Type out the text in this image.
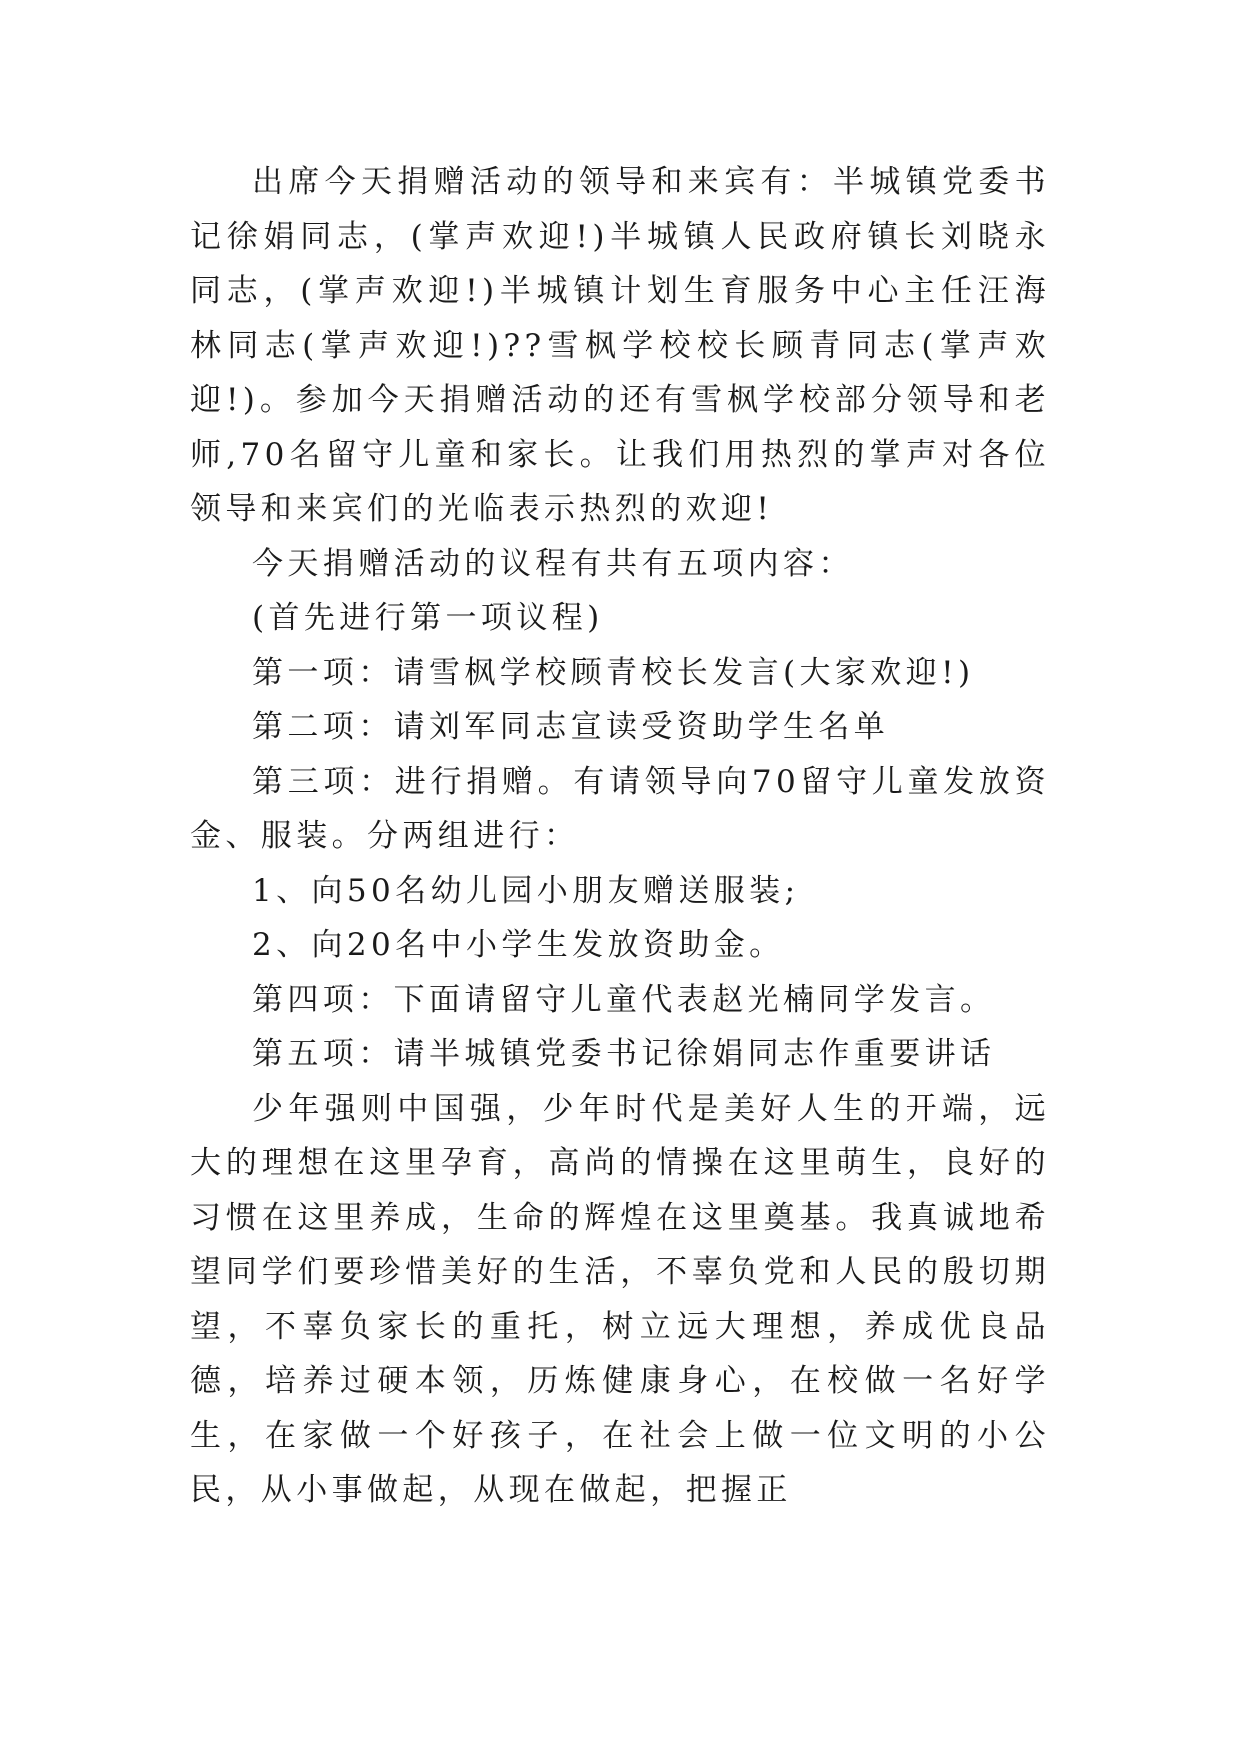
出席今天捐赠活动的领导和来宾有：半城镇党委书记徐娟同志，(掌声欢迎!)半城镇人民政府镇长刘晓永同志，(掌声欢迎!)半城镇计划生育服务中心主任汪海林同志(掌声欢迎!)??雪枫学校校长顾青同志(掌声欢迎!)。参加今天捐赠活动的还有雪枫学校部分领导和老师,70名留守儿童和家长。让我们用热烈的掌声对各位领导和来宾们的光临表示热烈的欢迎!

今天捐赠活动的议程有共有五项内容：

(首先进行第一项议程)

第一项：请雪枫学校顾青校长发言(大家欢迎!)

第二项：请刘军同志宣读受资助学生名单

第三项：进行捐赠。有请领导向70留守儿童发放资金、服装。分两组进行：

1、向50名幼儿园小朋友赠送服装;

2、向20名中小学生发放资助金。

第四项：下面请留守儿童代表赵光楠同学发言。

第五项：请半城镇党委书记徐娟同志作重要讲话

少年强则中国强，少年时代是美好人生的开端，远大的理想在这里孕育，高尚的情操在这里萌生，良好的习惯在这里养成，生命的辉煌在这里奠基。我真诚地希望同学们要珍惜美好的生活，不辜负党和人民的殷切期望，不辜负家长的重托，树立远大理想，养成优良品德，培养过硬本领，历炼健康身心，在校做一名好学生，在家做一个好孩子，在社会上做一位文明的小公民，从小事做起，从现在做起，把握正
